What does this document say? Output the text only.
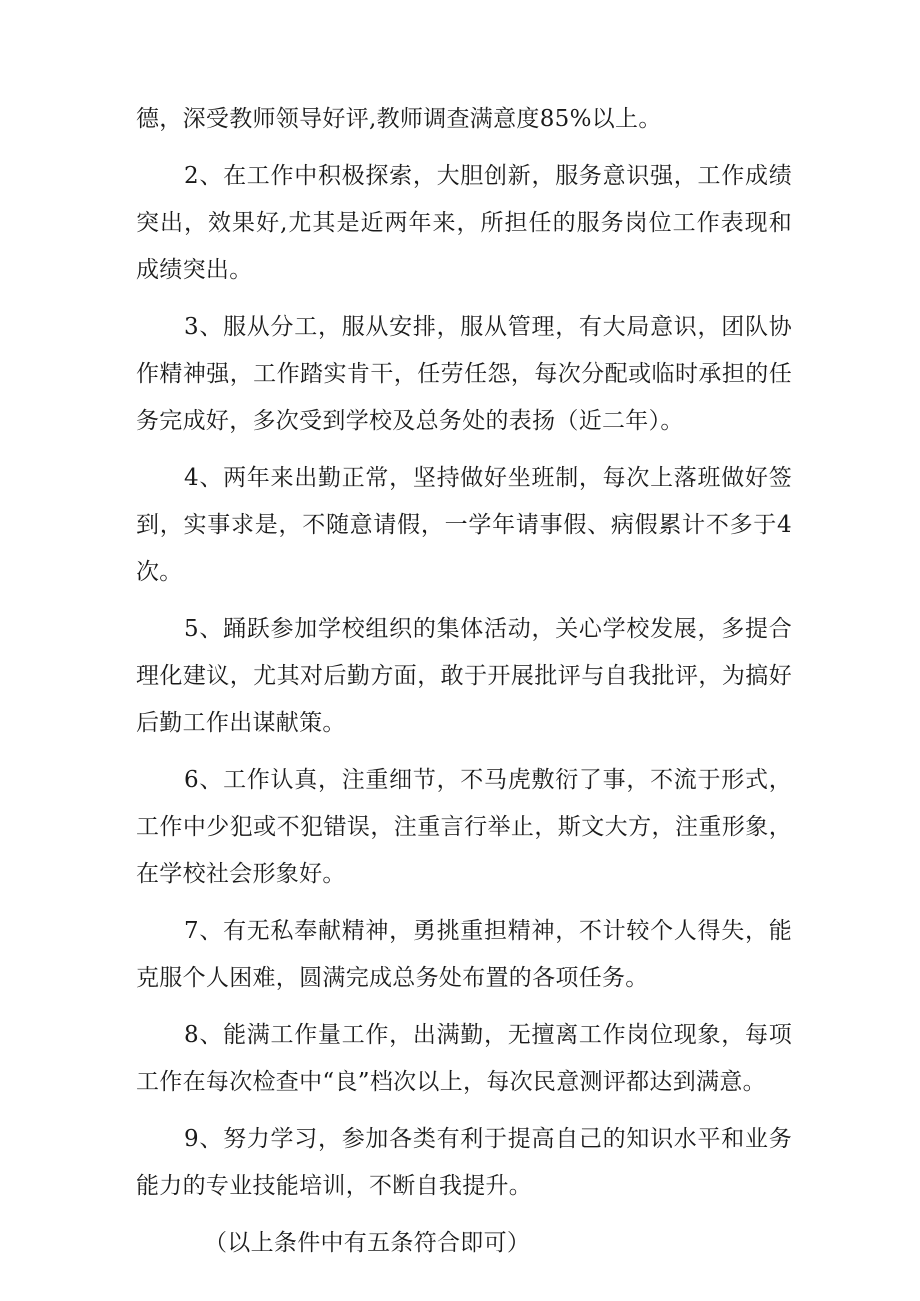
德，深受教师领导好评,教师调查满意度85%以上。

2、在工作中积极探索，大胆创新，服务意识强，工作成绩突出，效果好,尤其是近两年来，所担任的服务岗位工作表现和成绩突出。

3、服从分工，服从安排，服从管理，有大局意识，团队协作精神强，工作踏实肯干，任劳任怨，每次分配或临时承担的任务完成好，多次受到学校及总务处的表扬（近二年）。

4、两年来出勤正常，坚持做好坐班制，每次上落班做好签到，实事求是，不随意请假，一学年请事假、病假累计不多于4次。

5、踊跃参加学校组织的集体活动，关心学校发展，多提合理化建议，尤其对后勤方面，敢于开展批评与自我批评，为搞好后勤工作出谋献策。

6、工作认真，注重细节，不马虎敷衍了事，不流于形式，工作中少犯或不犯错误，注重言行举止，斯文大方，注重形象，在学校社会形象好。

7、有无私奉献精神，勇挑重担精神，不计较个人得失，能克服个人困难，圆满完成总务处布置的各项任务。

8、能满工作量工作，出满勤，无擅离工作岗位现象，每项工作在每次检查中“良”档次以上，每次民意测评都达到满意。

9、努力学习，参加各类有利于提高自己的知识水平和业务能力的专业技能培训，不断自我提升。

（以上条件中有五条符合即可）
